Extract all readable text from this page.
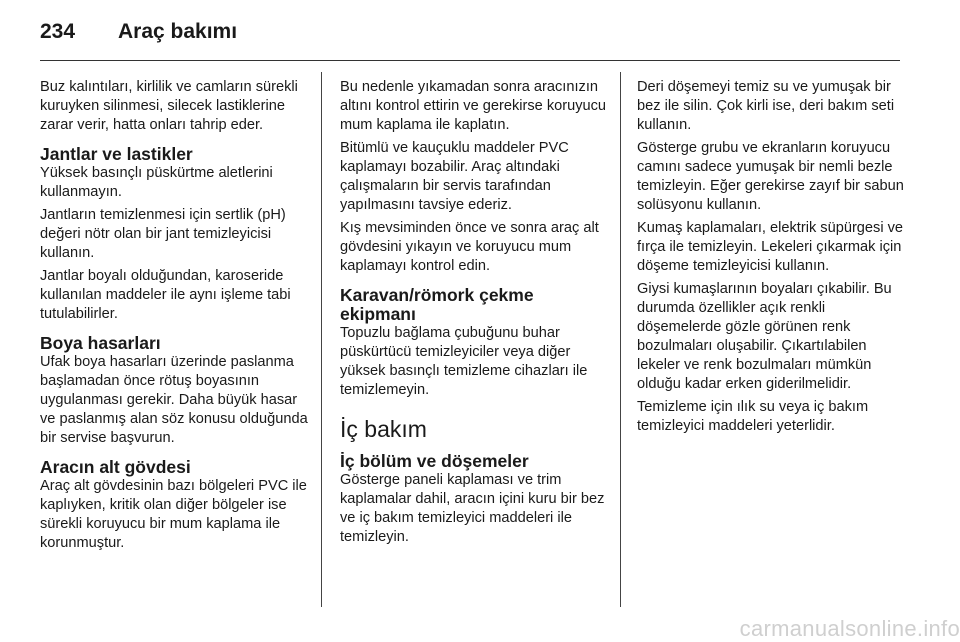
234 Araç bakımı

Buz kalıntıları, kirlilik ve camların sürekli kuruyken silinmesi, silecek lastiklerine zarar verir, hatta onları tahrip eder.

Jantlar ve lastikler

Yüksek basınçlı püskürtme aletlerini kullanmayın.

Jantların temizlenmesi için sertlik (pH) değeri nötr olan bir jant temizleyicisi kullanın.

Jantlar boyalı olduğundan, karoseride kullanılan maddeler ile aynı işleme tabi tutulabilirler.

Boya hasarları

Ufak boya hasarları üzerinde paslanma başlamadan önce rötuş boyasının uygulanması gerekir. Daha büyük hasar ve paslanmış alan söz konusu olduğunda bir servise başvurun.

Aracın alt gövdesi

Araç alt gövdesinin bazı bölgeleri PVC ile kaplıyken, kritik olan diğer bölgeler ise sürekli koruyucu bir mum kaplama ile korunmuştur.

Bu nedenle yıkamadan sonra aracınızın altını kontrol ettirin ve gerekirse koruyucu mum kaplama ile kaplatın.

Bitümlü ve kauçuklu maddeler PVC kaplamayı bozabilir. Araç altındaki çalışmaların bir servis tarafından yapılmasını tavsiye ederiz.

Kış mevsiminden önce ve sonra araç alt gövdesini yıkayın ve koruyucu mum kaplamayı kontrol edin.

Karavan/römork çekme ekipmanı

Topuzlu bağlama çubuğunu buhar püskürtücü temizleyiciler veya diğer yüksek basınçlı temizleme cihazları ile temizlemeyin.

İç bakım
İç bölüm ve döşemeler

Gösterge paneli kaplaması ve trim kaplamalar dahil, aracın içini kuru bir bez ve iç bakım temizleyici maddeleri ile temizleyin.

Deri döşemeyi temiz su ve yumuşak bir bez ile silin. Çok kirli ise, deri bakım seti kullanın.

Gösterge grubu ve ekranların koruyucu camını sadece yumuşak bir nemli bezle temizleyin. Eğer gerekirse zayıf bir sabun solüsyonu kullanın.

Kumaş kaplamaları, elektrik süpürgesi ve fırça ile temizleyin. Lekeleri çıkarmak için döşeme temizleyicisi kullanın.

Giysi kumaşlarının boyaları çıkabilir. Bu durumda özellikler açık renkli döşemelerde gözle görünen renk bozulmaları oluşabilir. Çıkartılabilen lekeler ve renk bozulmaları mümkün olduğu kadar erken giderilmelidir.

Temizleme için ılık su veya iç bakım temizleyici maddeleri yeterlidir.

carmanualsonline.info
